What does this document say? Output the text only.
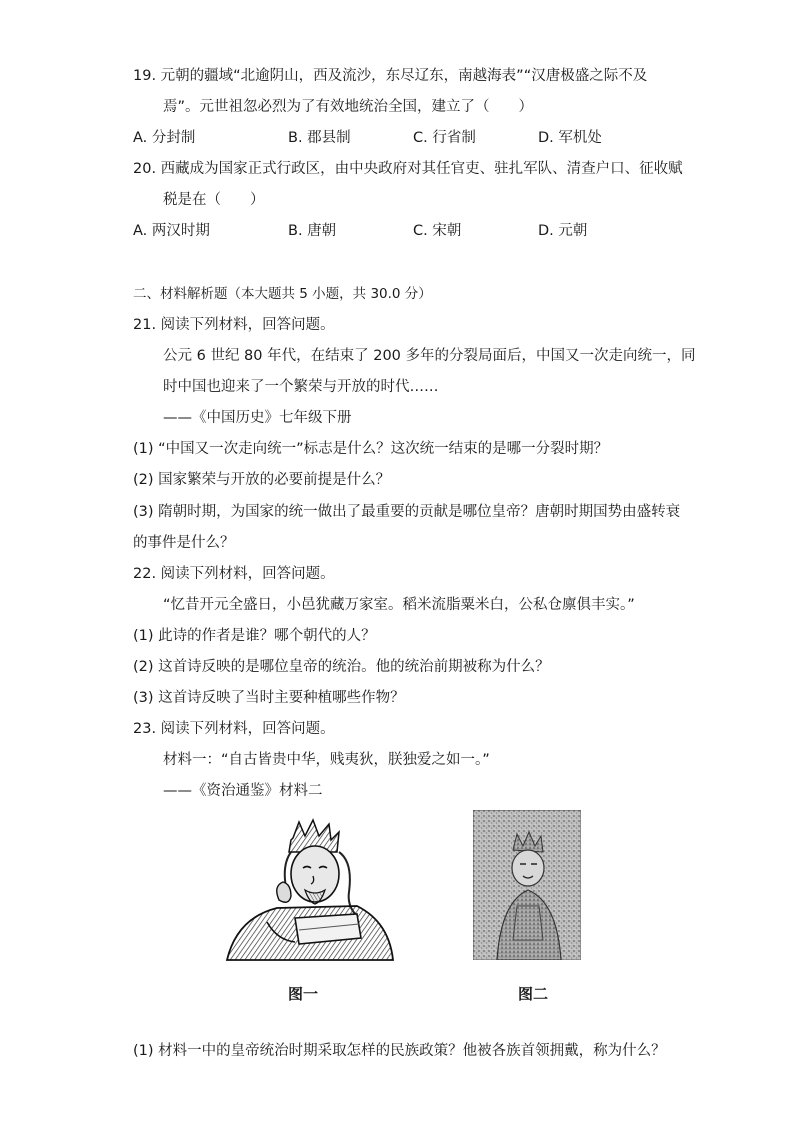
19. 元朝的疆域“北逾阴山，西及流沙，东尽辽东，南越海表”“汉唐极盛之际不及
焉”。元世祖忽必烈为了有效地统治全国，建立了（　　）
A. 分封制	B. 郡县制	C. 行省制	D. 军机处
20. 西藏成为国家正式行政区，由中央政府对其任官吏、驻扎军队、清查户口、征收赋
税是在（　　）
A. 两汉时期	B. 唐朝	C. 宋朝	D. 元朝
二、材料解析题（本大题共 5 小题，共 30.0 分）
21. 阅读下列材料，回答问题。
公元 6 世纪 80 年代，在结束了 200 多年的分裂局面后，中国又一次走向统一，同
时中国也迎来了一个繁荣与开放的时代……
——《中国历史》七年级下册
(1) “中国又一次走向统一”标志是什么？这次统一结束的是哪一分裂时期？
(2) 国家繁荣与开放的必要前提是什么？
(3) 隋朝时期，为国家的统一做出了最重要的贡献是哪位皇帝？唐朝时期国势由盛转衰
的事件是什么？
22. 阅读下列材料，回答问题。
“忆昔开元全盛日，小邑犹藏万家室。稻米流脂粟米白，公私仓廪俱丰实。”
(1) 此诗的作者是谁？哪个朝代的人？
(2) 这首诗反映的是哪位皇帝的统治。他的统治前期被称为什么？
(3) 这首诗反映了当时主要种植哪些作物？
23. 阅读下列材料，回答问题。
材料一：“自古皆贵中华，贱夷狄，朕独爱之如一。”
——《资治通鉴》材料二
图一	图二
(1) 材料一中的皇帝统治时期采取怎样的民族政策？他被各族首领拥戴，称为什么？
